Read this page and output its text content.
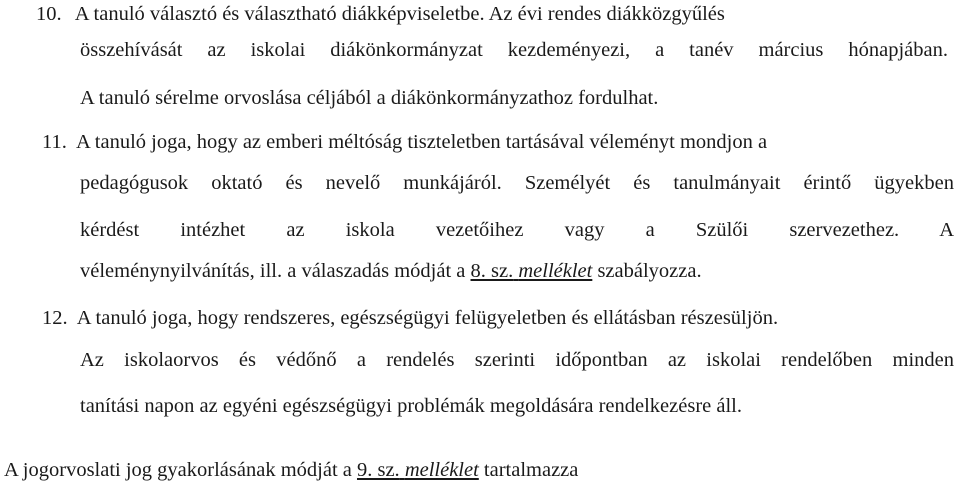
10. A tanuló választó és választható diákképviseletbe. Az évi rendes diákközgyűlés
összehívását az iskolai diákönkormányzat kezdeményezi, a tanév március hónapjában.
A tanuló sérelme orvoslása céljából a diákönkormányzathoz fordulhat.
11. A tanuló joga, hogy az emberi méltóság tiszteletben tartásával véleményt mondjon a
pedagógusok oktató és nevelő munkájáról. Személyét és tanulmányait érintő ügyekben
kérdést intézhet az iskola vezetőihez vagy a Szülői szervezethez. A
véleménynyilvánítás, ill. a válaszadás módját a 8. sz. melléklet szabályozza.
12. A tanuló joga, hogy rendszeres, egészségügyi felügyeletben és ellátásban részesüljön.
Az iskolaorvos és védőnő a rendelés szerinti időpontban az iskolai rendelőben minden
tanítási napon az egyéni egészségügyi problémák megoldására rendelkezésre áll.
A jogorvoslati jog gyakorlásának módját a 9. sz. melléklet tartalmazza
